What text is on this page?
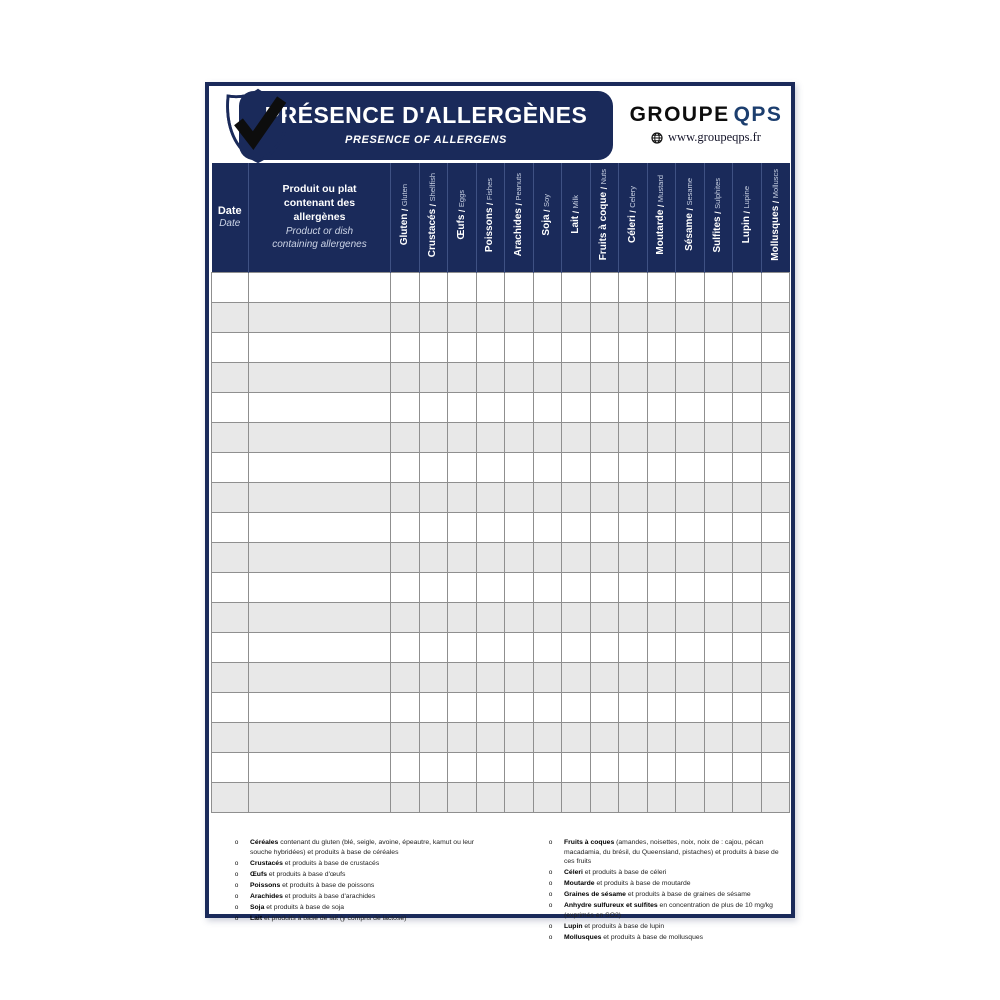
PRÉSENCE D'ALLERGÈNES
PRESENCE OF ALLERGENS
GROUPE QPS
www.groupeqps.fr
Date
Date

Produit ou plat contenant des allergènes
Product or dish containing allergenes	Gluten / Gluten	Crustacés / Shellfish	Œufs / Eggs	Poissons / Fishes	Arachides / Peanuts	Soja / Soy	Lait / Milk	Fruits à coque / Nuts	Céleri / Celery	Moutarde / Mustard	Sésame / Sesame	Sulfites / Sulphites	Lupin / Lupine	Mollusques / Molluscs

o	Céréales contenant du gluten (blé, seigle, avoine, épeautre, kamut ou leur souche hybridées) et produits à base de céréales
o	Crustacés et produits à base de crustacés
o	Œufs et produits à base d'œufs
o	Poissons et produits à base de poissons
o	Arachides et produits à base d'arachides
o	Soja et produits à base de soja
o	Lait et produits à base de lait (y compris de lactose)
o	Fruits à coques (amandes, noisettes, noix, noix de : cajou, pécan macadamia, du brésil, du Queensland, pistaches) et produits à base de ces fruits
o	Céleri et produits à base de céleri
o	Moutarde et produits à base de moutarde
o	Graines de sésame et produits à base de graines de sésame
o	Anhydre sulfureux et sulfites en concentration de plus de 10 mg/kg (exprimés en SO2)
o	Lupin et produits à base de lupin
o	Mollusques et produits à base de mollusques
